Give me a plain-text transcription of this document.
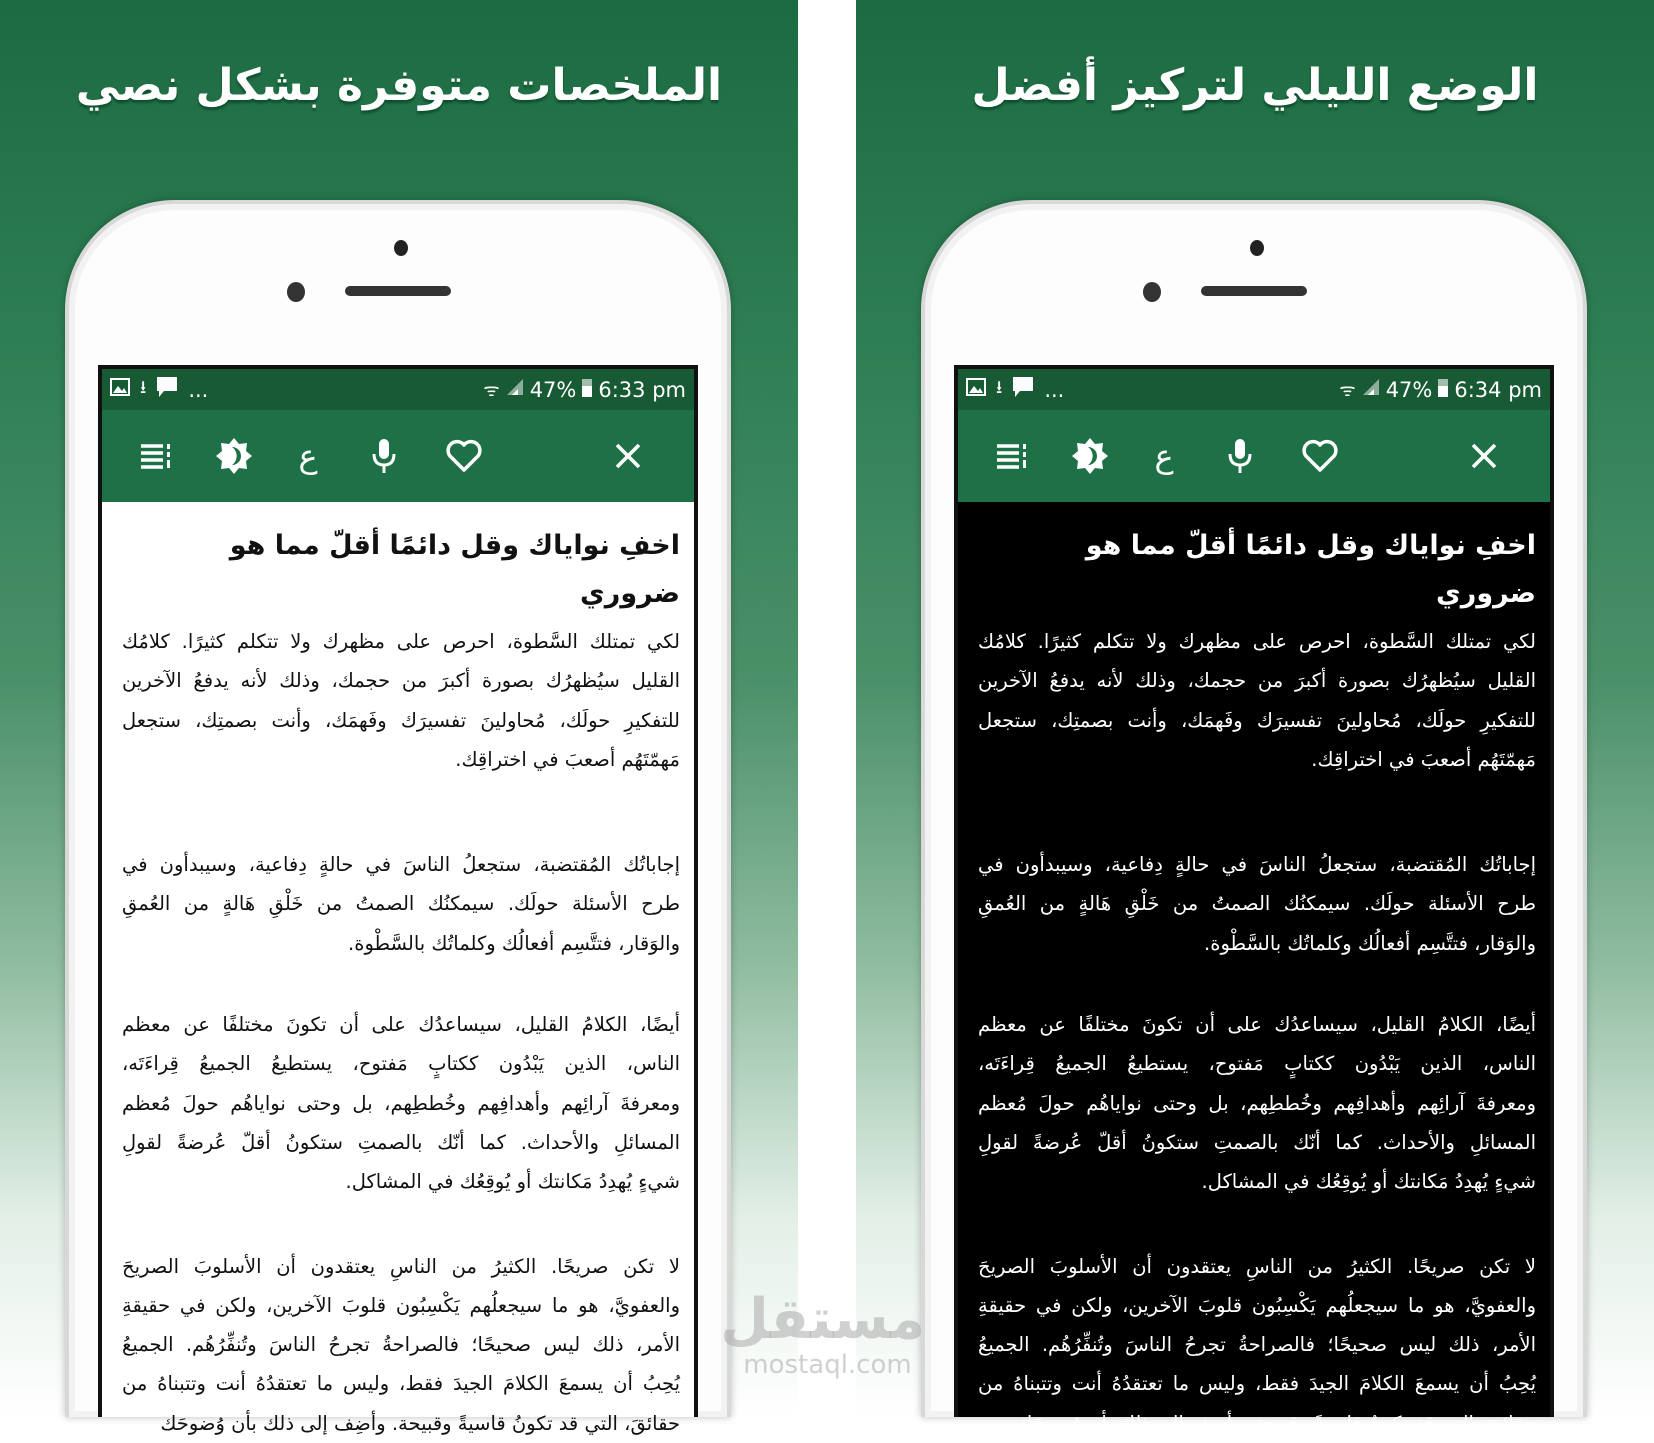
الملخصات متوفرة بشكل نصي
⭳ ...	ᯤ 47% 6:33 pm
ع
اخفِ نواياك وقل دائمًا أقلّ مما هو ضروري
لكي تمتلك السَّطوة، احرص على مظهرك ولا تتكلم كثيرًا. كلامُك
القليل سيُظهرُك بصورة أكبرَ من حجمك، وذلك لأنه يدفعُ الآخرين
للتفكيرِ حولَك، مُحاولينَ تفسيرَك وفَهمَك، وأنت بصمتِك، ستجعل
مَهمّتَهُم أصعبَ في اختراقِك.
إجاباتُك المُقتضبة، ستجعلُ الناسَ في حالةٍ دِفاعية، وسيبدأون في
طرح الأسئلة حولَك. سيمكنُك الصمتُ من خَلْقِ هَالةٍ من العُمقِ
والوَقار، فتتَّسِم أفعالُك وكلماتُك بالسَّطْوة.
أيضًا، الكلامُ القليل، سيساعدُك على أن تكونَ مختلفًا عن معظم
الناس، الذين يَبْدُون ككتابٍ مَفتوح، يستطيعُ الجميعُ قِراءَتَه،
ومعرفةَ آرائِهم وأهدافِهم وخُططِهم، بل وحتى نواياهُم حولَ مُعظم
المسائلِ والأحداث. كما أنّك بالصمتِ ستكونُ أقلّ عُرضةً لقولِ
شيءٍ يُهدِدُ مَكانتك أو يُوقِعُك في المشاكل.
لا تكن صريحًا. الكثيرُ من الناسِ يعتقدون أن الأسلوبَ الصريحَ
والعفويَّ، هو ما سيجعلُهم يَكْسِبُون قلوبَ الآخرين، ولكن في حقيقةِ
الأمر، ذلك ليس صحيحًا؛ فالصراحةُ تجرحُ الناسَ وتُنفِّرُهُم. الجميعُ
يُحِبُ أن يسمعَ الكلامَ الجيدَ فقط، وليس ما تعتقدُهُ أنت وتتبناهُ من
حقائقَ، التي قد تكونُ قاسيةً وقبيحة. وأضِف إلى ذلك بأن وُضوحَك
الوضع الليلي لتركيز أفضل
⭳ ...	ᯤ 47% 6:34 pm
ع
اخفِ نواياك وقل دائمًا أقلّ مما هو ضروري
لكي تمتلك السَّطوة، احرص على مظهرك ولا تتكلم كثيرًا. كلامُك
القليل سيُظهرُك بصورة أكبرَ من حجمك، وذلك لأنه يدفعُ الآخرين
للتفكيرِ حولَك، مُحاولينَ تفسيرَك وفَهمَك، وأنت بصمتِك، ستجعل
مَهمّتَهُم أصعبَ في اختراقِك.
إجاباتُك المُقتضبة، ستجعلُ الناسَ في حالةٍ دِفاعية، وسيبدأون في
طرح الأسئلة حولَك. سيمكنُك الصمتُ من خَلْقِ هَالةٍ من العُمقِ
والوَقار، فتتَّسِم أفعالُك وكلماتُك بالسَّطْوة.
أيضًا، الكلامُ القليل، سيساعدُك على أن تكونَ مختلفًا عن معظم
الناس، الذين يَبْدُون ككتابٍ مَفتوح، يستطيعُ الجميعُ قِراءَتَه،
ومعرفةَ آرائِهم وأهدافِهم وخُططِهم، بل وحتى نواياهُم حولَ مُعظم
المسائلِ والأحداث. كما أنّك بالصمتِ ستكونُ أقلّ عُرضةً لقولِ
شيءٍ يُهدِدُ مَكانتك أو يُوقِعُك في المشاكل.
لا تكن صريحًا. الكثيرُ من الناسِ يعتقدون أن الأسلوبَ الصريحَ
والعفويَّ، هو ما سيجعلُهم يَكْسِبُون قلوبَ الآخرين، ولكن في حقيقةِ
الأمر، ذلك ليس صحيحًا؛ فالصراحةُ تجرحُ الناسَ وتُنفِّرُهُم. الجميعُ
يُحِبُ أن يسمعَ الكلامَ الجيدَ فقط، وليس ما تعتقدُهُ أنت وتتبناهُ من
حقائقَ، التي قد تكونُ قاسيةً وقبيحة. وأضِف إلى ذلك بأن وُضوحَك
مستقل
mostaql.com
